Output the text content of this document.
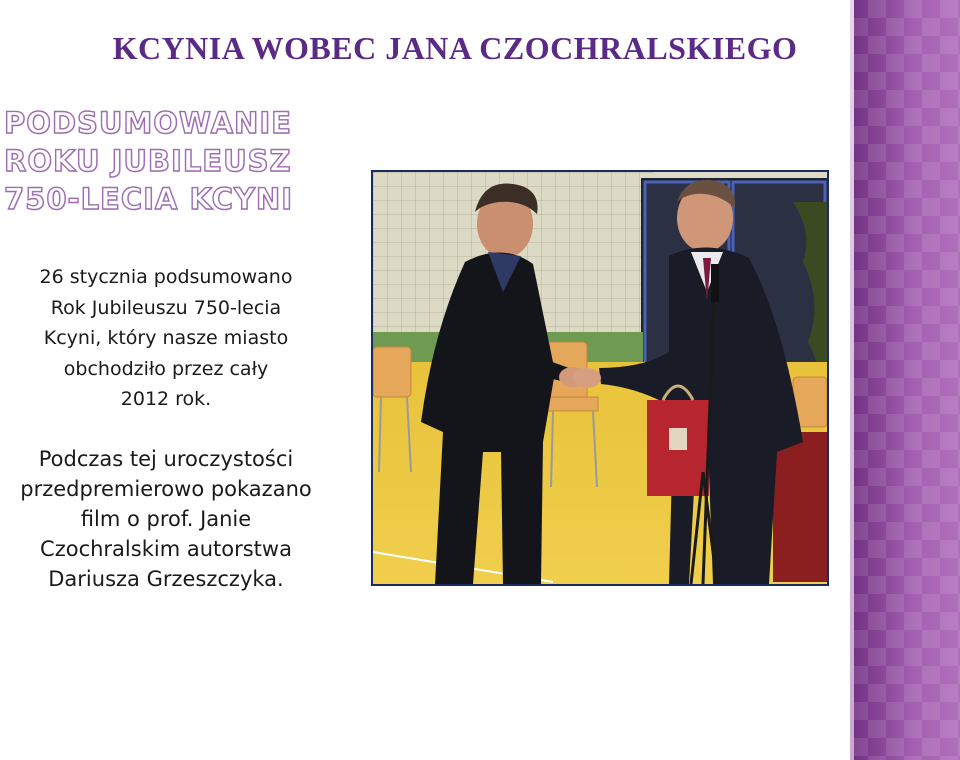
KCYNIA WOBEC JANA CZOCHRALSKIEGO
PODSUMOWANIE
ROKU JUBILEUSZ
750-LECIA KCYNI
26 stycznia podsumowano
Rok Jubileuszu 750-lecia
Kcyni, który nasze miasto
obchodziło przez cały
2012 rok.
Podczas tej uroczystości
przedpremierowo pokazano
film o prof. Janie
Czochralskim autorstwa
Dariusza Grzeszczyka.
